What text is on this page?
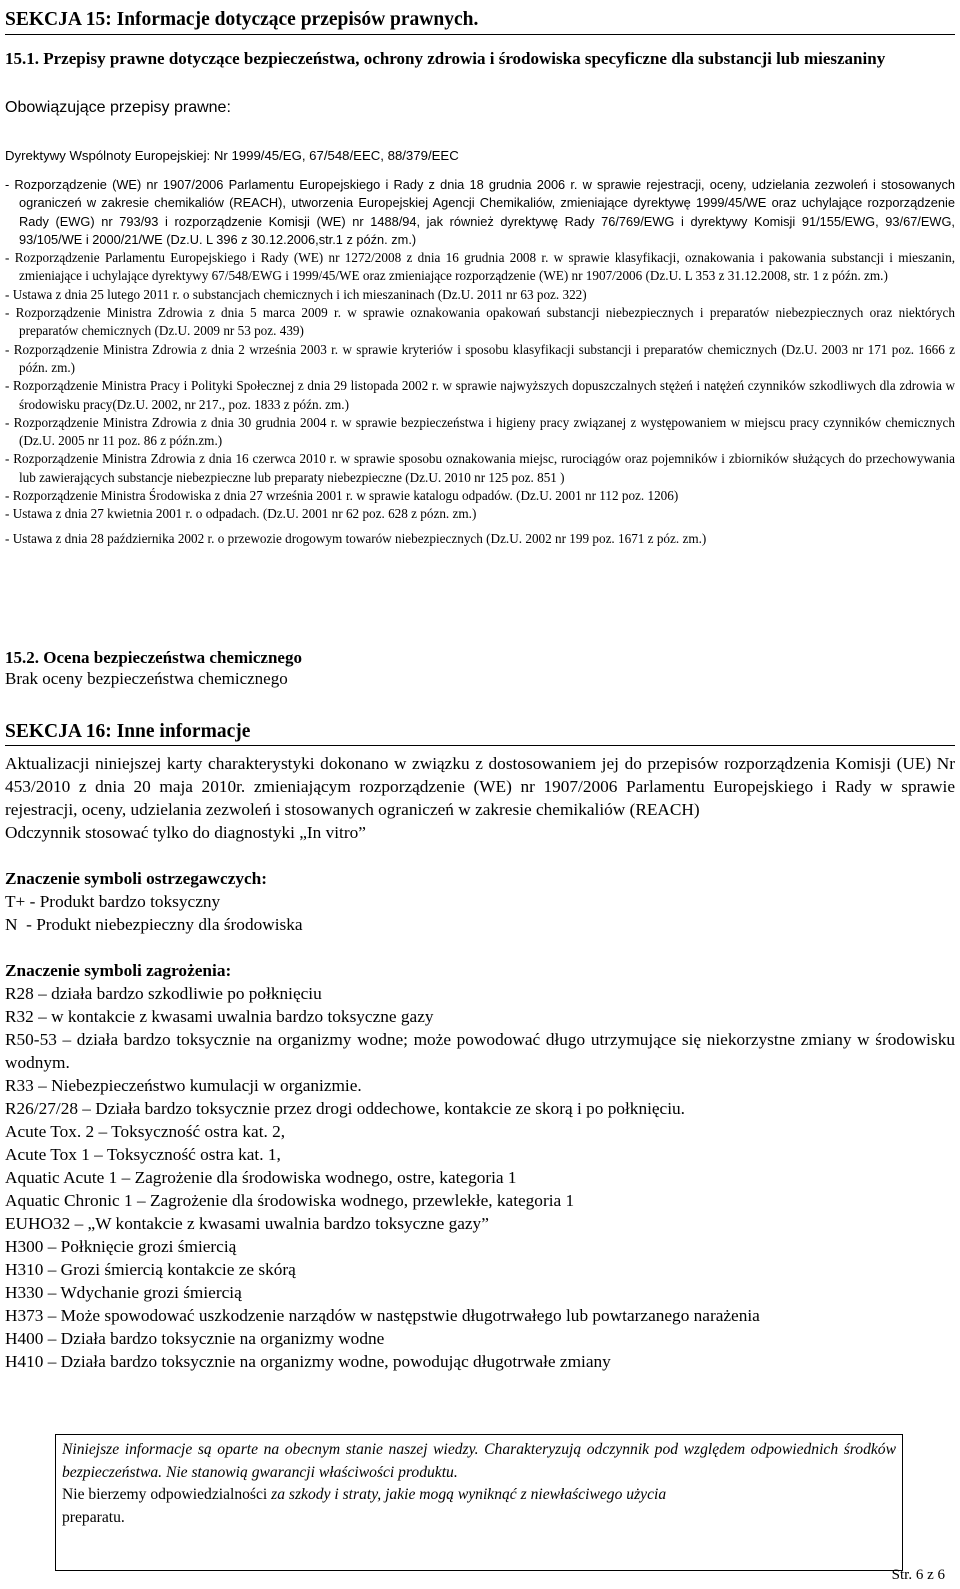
SEKCJA 15: Informacje dotyczące przepisów prawnych.
15.1. Przepisy prawne dotyczące bezpieczeństwa, ochrony zdrowia i środowiska specyficzne dla substancji lub mieszaniny
Obowiązujące przepisy prawne:
Dyrektywy Wspólnoty Europejskiej: Nr 1999/45/EG, 67/548/EEC, 88/379/EEC

- Rozporządzenie (WE) nr 1907/2006 Parlamentu Europejskiego i Rady z dnia 18 grudnia 2006 r. w sprawie rejestracji, oceny, udzielania zezwoleń i stosowanych ograniczeń w zakresie chemikaliów (REACH), utworzenia Europejskiej Agencji Chemikaliów, zmieniające dyrektywę 1999/45/WE oraz uchylające rozporządzenie Rady (EWG) nr 793/93 i rozporządzenie Komisji (WE) nr 1488/94, jak również dyrektywę Rady 76/769/EWG i dyrektywy Komisji 91/155/EWG, 93/67/EWG, 93/105/WE i 2000/21/WE (Dz.U. L 396 z 30.12.2006,str.1 z późn. zm.)

- Rozporządzenie Parlamentu Europejskiego i Rady (WE) nr 1272/2008 z dnia 16 grudnia 2008 r. w sprawie klasyfikacji, oznakowania i pakowania substancji i mieszanin, zmieniające i uchylające dyrektywy 67/548/EWG i 1999/45/WE oraz zmieniające rozporządzenie (WE) nr 1907/2006 (Dz.U. L 353 z 31.12.2008, str. 1 z późn. zm.)

- Ustawa z dnia 25 lutego 2011 r. o substancjach chemicznych i ich mieszaninach (Dz.U. 2011 nr 63 poz. 322)

- Rozporządzenie Ministra Zdrowia z dnia 5 marca 2009 r. w sprawie oznakowania opakowań substancji niebezpiecznych i preparatów niebezpiecznych oraz niektórych preparatów chemicznych (Dz.U. 2009 nr 53 poz. 439)

- Rozporządzenie Ministra Zdrowia z dnia 2 września 2003 r. w sprawie kryteriów i sposobu klasyfikacji substancji i preparatów chemicznych (Dz.U. 2003 nr 171 poz. 1666 z późn. zm.)

- Rozporządzenie Ministra Pracy i Polityki Społecznej z dnia 29 listopada 2002 r. w sprawie najwyższych dopuszczalnych stężeń i natężeń czynników szkodliwych dla zdrowia w środowisku pracy(Dz.U. 2002, nr 217., poz. 1833 z późn. zm.)

- Rozporządzenie Ministra Zdrowia z dnia 30 grudnia 2004 r. w sprawie bezpieczeństwa i higieny pracy związanej z występowaniem w miejscu pracy czynników chemicznych (Dz.U. 2005 nr 11 poz. 86 z późn.zm.)

- Rozporządzenie Ministra Zdrowia z dnia 16 czerwca 2010 r. w sprawie sposobu oznakowania miejsc, rurociągów oraz pojemników i zbiorników służących do przechowywania lub zawierających substancje niebezpieczne lub preparaty niebezpieczne (Dz.U. 2010 nr 125 poz. 851 )

- Rozporządzenie Ministra Środowiska z dnia 27 września 2001 r. w sprawie katalogu odpadów. (Dz.U. 2001 nr 112 poz. 1206)

- Ustawa z dnia 27 kwietnia 2001 r. o odpadach. (Dz.U. 2001 nr 62 poz. 628 z pózn. zm.)

- Ustawa z dnia 28 października 2002 r. o przewozie drogowym towarów niebezpiecznych (Dz.U. 2002 nr 199 poz. 1671 z póz. zm.)

15.2. Ocena bezpieczeństwa chemicznego

Brak oceny bezpieczeństwa chemicznego

SEKCJA 16: Inne informacje

Aktualizacji niniejszej karty charakterystyki dokonano w związku z dostosowaniem jej do przepisów rozporządzenia Komisji (UE) Nr 453/2010 z dnia 20 maja 2010r. zmieniającym rozporządzenie (WE) nr 1907/2006 Parlamentu Europejskiego i Rady w sprawie rejestracji, oceny, udzielania zezwoleń i stosowanych ograniczeń w zakresie chemikaliów (REACH)

Odczynnik stosować tylko do diagnostyki „In vitro”

Znaczenie symboli ostrzegawczych:

T+ - Produkt bardzo toksyczny

N  - Produkt niebezpieczny dla środowiska

Znaczenie symboli zagrożenia:

R28 – działa bardzo szkodliwie po połknięciu

R32 – w kontakcie z kwasami uwalnia bardzo toksyczne gazy

R50-53 – działa bardzo toksycznie na organizmy wodne; może powodować długo utrzymujące się niekorzystne zmiany w środowisku wodnym.

R33 – Niebezpieczeństwo kumulacji w organizmie.

R26/27/28 – Działa bardzo toksycznie przez drogi oddechowe, kontakcie ze skorą i po połknięciu.

Acute Tox. 2 – Toksyczność ostra kat. 2,

Acute Tox 1 – Toksyczność ostra kat. 1,

Aquatic Acute 1 – Zagrożenie dla środowiska wodnego, ostre, kategoria 1

Aquatic Chronic 1 – Zagrożenie dla środowiska wodnego, przewlekłe, kategoria 1

EUHO32 – „W kontakcie z kwasami uwalnia bardzo toksyczne gazy”

H300 – Połknięcie grozi śmiercią

H310 – Grozi śmiercią kontakcie ze skórą

H330 – Wdychanie grozi śmiercią

H373 – Może spowodować uszkodzenie narządów w następstwie długotrwałego lub powtarzanego narażenia

H400 – Działa bardzo toksycznie na organizmy wodne

H410 – Działa bardzo toksycznie na organizmy wodne, powodując długotrwałe zmiany

Niniejsze informacje są oparte na obecnym stanie naszej wiedzy. Charakteryzują odczynnik pod względem odpowiednich środków bezpieczeństwa. Nie stanowią gwarancji właściwości produktu.

Nie bierzemy odpowiedzialności za szkody i straty, jakie mogą wyniknąć z niewłaściwego użycia

preparatu.

Str. 6 z 6
